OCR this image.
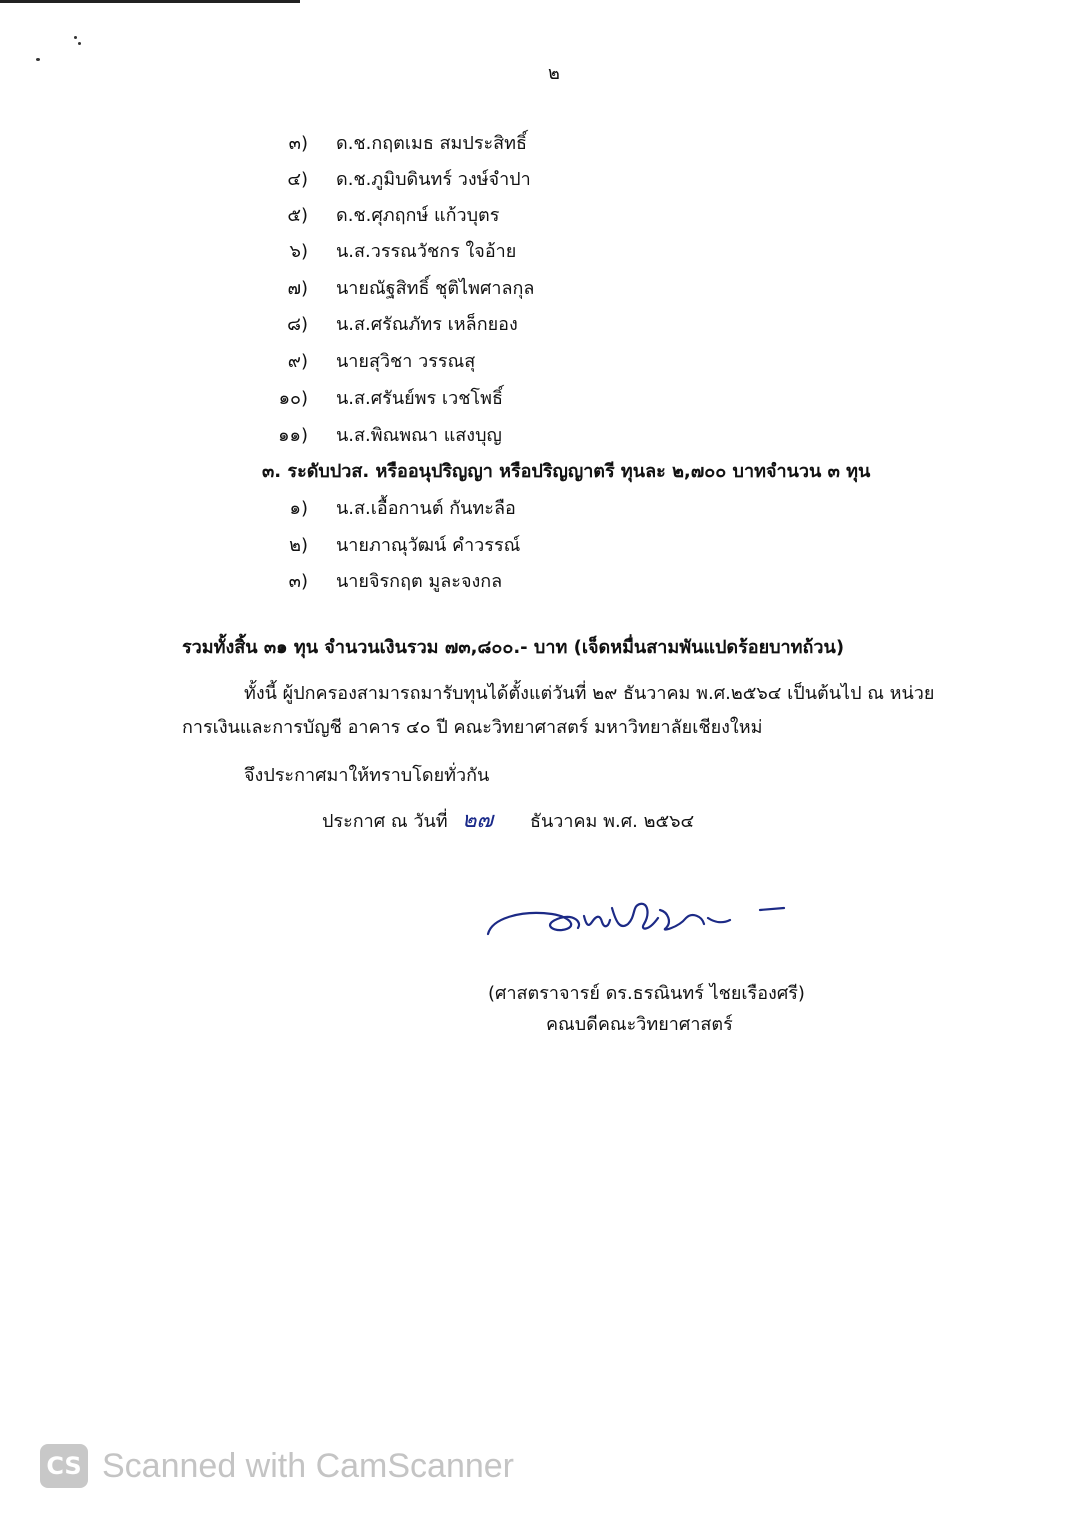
๒
๓) ด.ช.กฤตเมธ สมประสิทธิ์
๔) ด.ช.ภูมิบดินทร์ วงษ์จำปา
๕) ด.ช.ศุภฤกษ์ แก้วบุตร
๖) น.ส.วรรณวัชกร ใจอ้าย
๗) นายณัฐสิทธิ์ ชุติไพศาลกุล
๘) น.ส.ศรัณภัทร เหล็กยอง
๙) นายสุวิชา วรรณสุ
๑๐) น.ส.ศรันย์พร เวชโพธิ์
๑๑) น.ส.พิณพณา แสงบุญ
๓. ระดับปวส. หรืออนุปริญญา หรือปริญญาตรี ทุนละ ๒,๗๐๐ บาทจำนวน ๓ ทุน
๑) น.ส.เอื้อกานต์ กันทะลือ
๒) นายภาณุวัฒน์ คำวรรณ์
๓) นายจิรกฤต มูละจงกล
รวมทั้งสิ้น ๓๑ ทุน จำนวนเงินรวม ๗๓,๘๐๐.- บาท (เจ็ดหมื่นสามพันแปดร้อยบาทถ้วน)
ทั้งนี้ ผู้ปกครองสามารถมารับทุนได้ตั้งแต่วันที่ ๒๙ ธันวาคม พ.ศ.๒๕๖๔ เป็นต้นไป ณ หน่วย
การเงินและการบัญชี อาคาร ๔๐ ปี คณะวิทยาศาสตร์ มหาวิทยาลัยเชียงใหม่
จึงประกาศมาให้ทราบโดยทั่วกัน
ประกาศ ณ วันที่ ๒๗ ธันวาคม พ.ศ. ๒๕๖๔
(ศาสตราจารย์ ดร.ธรณินทร์ ไชยเรืองศรี)
คณบดีคณะวิทยาศาสตร์
CS Scanned with CamScanner
